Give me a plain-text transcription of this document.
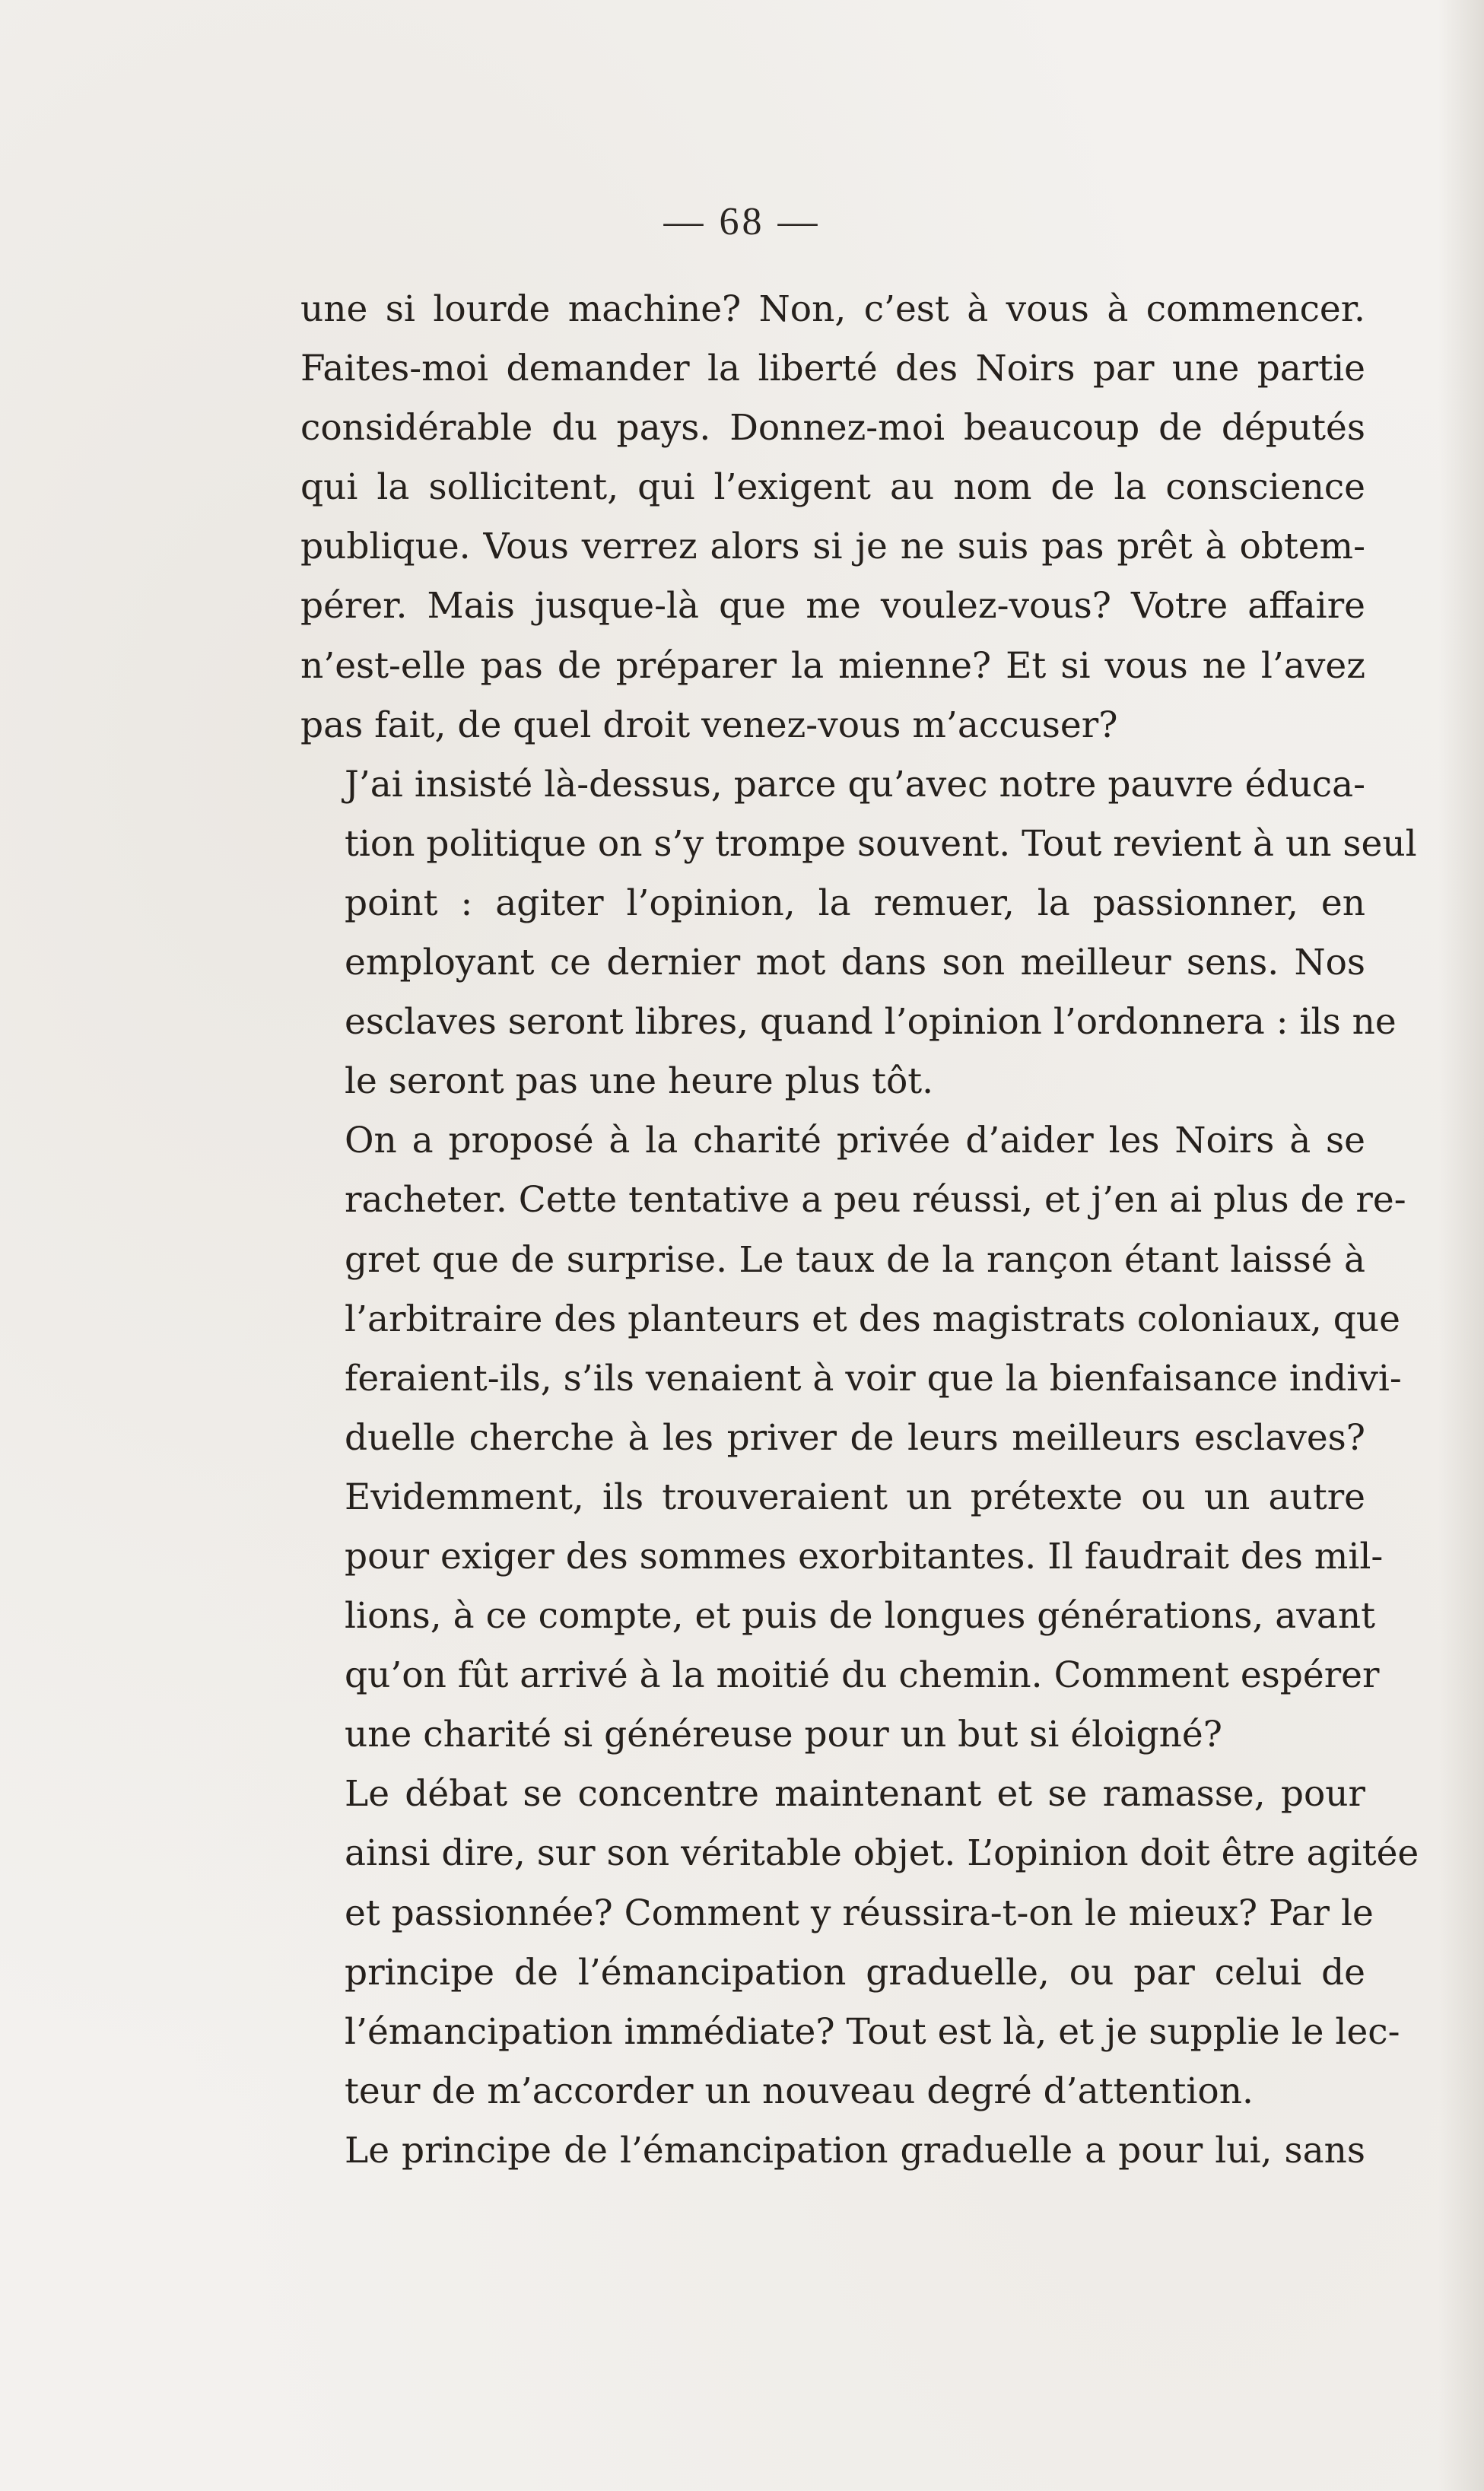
— 68 —

une si lourde machine? Non, c’est à vous à commencer.
Faites-moi demander la liberté des Noirs par une partie
considérable du pays. Donnez-moi beaucoup de députés
qui la sollicitent, qui l’exigent au nom de la conscience
publique. Vous verrez alors si je ne suis pas prêt à obtem-
pérer. Mais jusque-là que me voulez-vous? Votre affaire
n’est-elle pas de préparer la mienne? Et si vous ne l’avez
pas fait, de quel droit venez-vous m’accuser?

J’ai insisté là-dessus, parce qu’avec notre pauvre éduca-
tion politique on s’y trompe souvent. Tout revient à un seul
point : agiter l’opinion, la remuer, la passionner, en
employant ce dernier mot dans son meilleur sens. Nos
esclaves seront libres, quand l’opinion l’ordonnera : ils ne
le seront pas une heure plus tôt.

On a proposé à la charité privée d’aider les Noirs à se
racheter. Cette tentative a peu réussi, et j’en ai plus de re-
gret que de surprise. Le taux de la rançon étant laissé à
l’arbitraire des planteurs et des magistrats coloniaux, que
feraient-ils, s’ils venaient à voir que la bienfaisance indivi-
duelle cherche à les priver de leurs meilleurs esclaves?
Evidemment, ils trouveraient un prétexte ou un autre
pour exiger des sommes exorbitantes. Il faudrait des mil-
lions, à ce compte, et puis de longues générations, avant
qu’on fût arrivé à la moitié du chemin. Comment espérer
une charité si généreuse pour un but si éloigné?

Le débat se concentre maintenant et se ramasse, pour
ainsi dire, sur son véritable objet. L’opinion doit être agitée
et passionnée? Comment y réussira-t-on le mieux? Par le
principe de l’émancipation graduelle, ou par celui de
l’émancipation immédiate? Tout est là, et je supplie le lec-
teur de m’accorder un nouveau degré d’attention.

Le principe de l’émancipation graduelle a pour lui, sans
